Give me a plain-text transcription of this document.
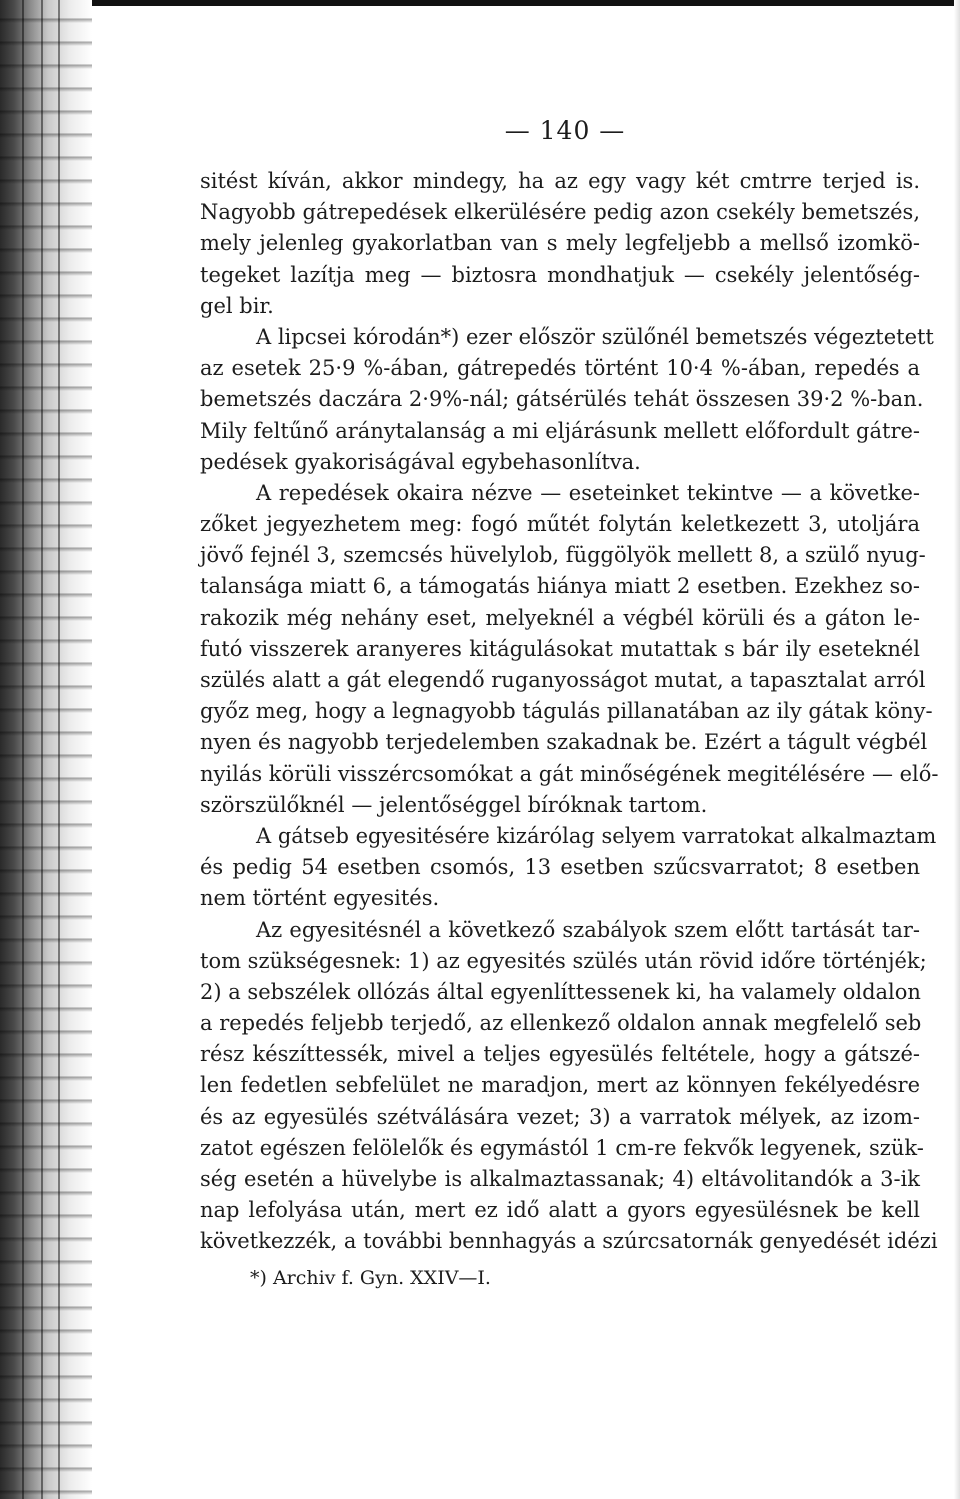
— 140 —
sitést kíván, akkor mindegy, ha az egy vagy két cmtrre terjed is.
Nagyobb gátrepedések elkerülésére pedig azon csekély bemetszés,
mely jelenleg gyakorlatban van s mely legfeljebb a mellső izomkö-
tegeket lazítja meg — biztosra mondhatjuk — csekély jelentőség-
gel bir.
A lipcsei kórodán*) ezer először szülőnél bemetszés végeztetett
az esetek 25·9 %-ában, gátrepedés történt 10·4 %-ában, repedés a
bemetszés daczára 2·9%-nál; gátsérülés tehát összesen 39·2 %-ban.
Mily feltűnő aránytalanság a mi eljárásunk mellett előfordult gátre-
pedések gyakoriságával egybehasonlítva.
A repedések okaira nézve — eseteinket tekintve — a követke-
zőket jegyezhetem meg: fogó műtét folytán keletkezett 3, utoljára
jövő fejnél 3, szemcsés hüvelylob, függölyök mellett 8, a szülő nyug-
talansága miatt 6, a támogatás hiánya miatt 2 esetben. Ezekhez so-
rakozik még nehány eset, melyeknél a végbél körüli és a gáton le-
futó visszerek aranyeres kitágulásokat mutattak s bár ily eseteknél
szülés alatt a gát elegendő ruganyosságot mutat, a tapasztalat arról
győz meg, hogy a legnagyobb tágulás pillanatában az ily gátak köny-
nyen és nagyobb terjedelemben szakadnak be. Ezért a tágult végbél
nyilás körüli visszércsomókat a gát minőségének megitélésére — elő-
szörszülőknél — jelentőséggel bíróknak tartom.
A gátseb egyesitésére kizárólag selyem varratokat alkalmaztam
és pedig 54 esetben csomós, 13 esetben szűcsvarratot; 8 esetben
nem történt egyesités.
Az egyesitésnél a következő szabályok szem előtt tartását tar-
tom szükségesnek: 1) az egyesités szülés után rövid időre történjék;
2) a sebszélek ollózás által egyenlíttessenek ki, ha valamely oldalon
a repedés feljebb terjedő, az ellenkező oldalon annak megfelelő seb
rész készíttessék, mivel a teljes egyesülés feltétele, hogy a gátszé-
len fedetlen sebfelület ne maradjon, mert az könnyen fekélyedésre
és az egyesülés szétválására vezet; 3) a varratok mélyek, az izom-
zatot egészen felölelők és egymástól 1 cm-re fekvők legyenek, szük-
ség esetén a hüvelybe is alkalmaztassanak; 4) eltávolitandók a 3-ik
nap lefolyása után, mert ez idő alatt a gyors egyesülésnek be kell
következzék, a további bennhagyás a szúrcsatornák genyedését idézi
*) Archiv f. Gyn. XXIV—I.
